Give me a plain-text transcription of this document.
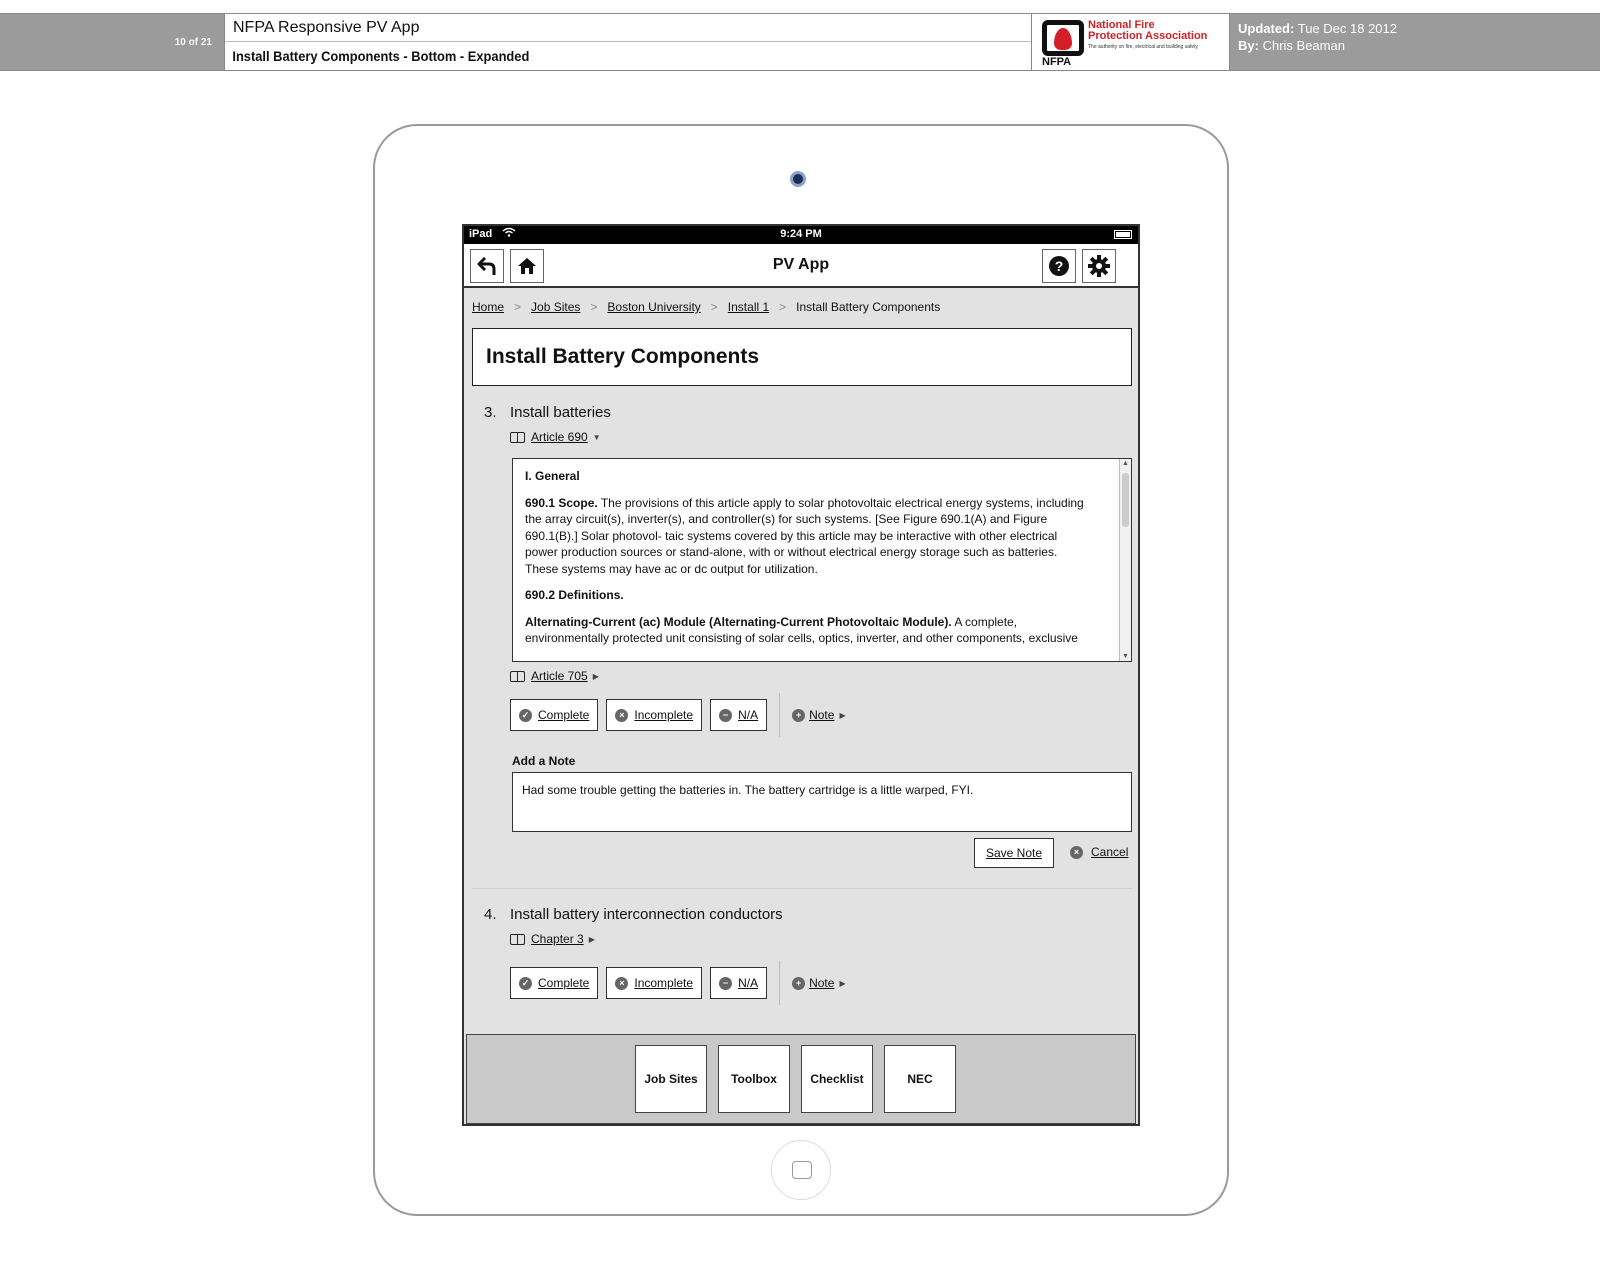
10 of 21
NFPA Responsive PV App
Install Battery Components - Bottom - Expanded
National Fire
Protection Association
The authority on fire, electrical and building safety
NFPA
Updated: Tue Dec 18 2012
By: Chris Beaman
iPad	9:24 PM
PV App	?
Home > Job Sites > Boston University > Install 1 > Install Battery Components
Install Battery Components
3. Install batteries
Article 690 ▼

I. General

690.1 Scope. The provisions of this article apply to solar photovoltaic electrical energy systems, including the array circuit(s), inverter(s), and controller(s) for such systems. [See Figure 690.1(A) and Figure 690.1(B).] Solar photovol- taic systems covered by this article may be interactive with other electrical power production sources or stand-alone, with or without electrical energy storage such as batteries. These systems may have ac or dc output for utilization.

690.2 Definitions.

Alternating-Current (ac) Module (Alternating-Current Photovoltaic Module). A complete, environmentally protected unit consisting of solar cells, optics, inverter, and other components, exclusive

▲
▼
Article 705 ▶
✓ Complete	× Incomplete	− N/A	+ Note ▶
Add a Note
Had some trouble getting the batteries in. The battery cartridge is a little warped, FYI.
Save Note	× Cancel
4. Install battery interconnection conductors
Chapter 3 ▶
✓ Complete	× Incomplete	− N/A	+ Note ▶
Job Sites	Toolbox	Checklist	NEC
